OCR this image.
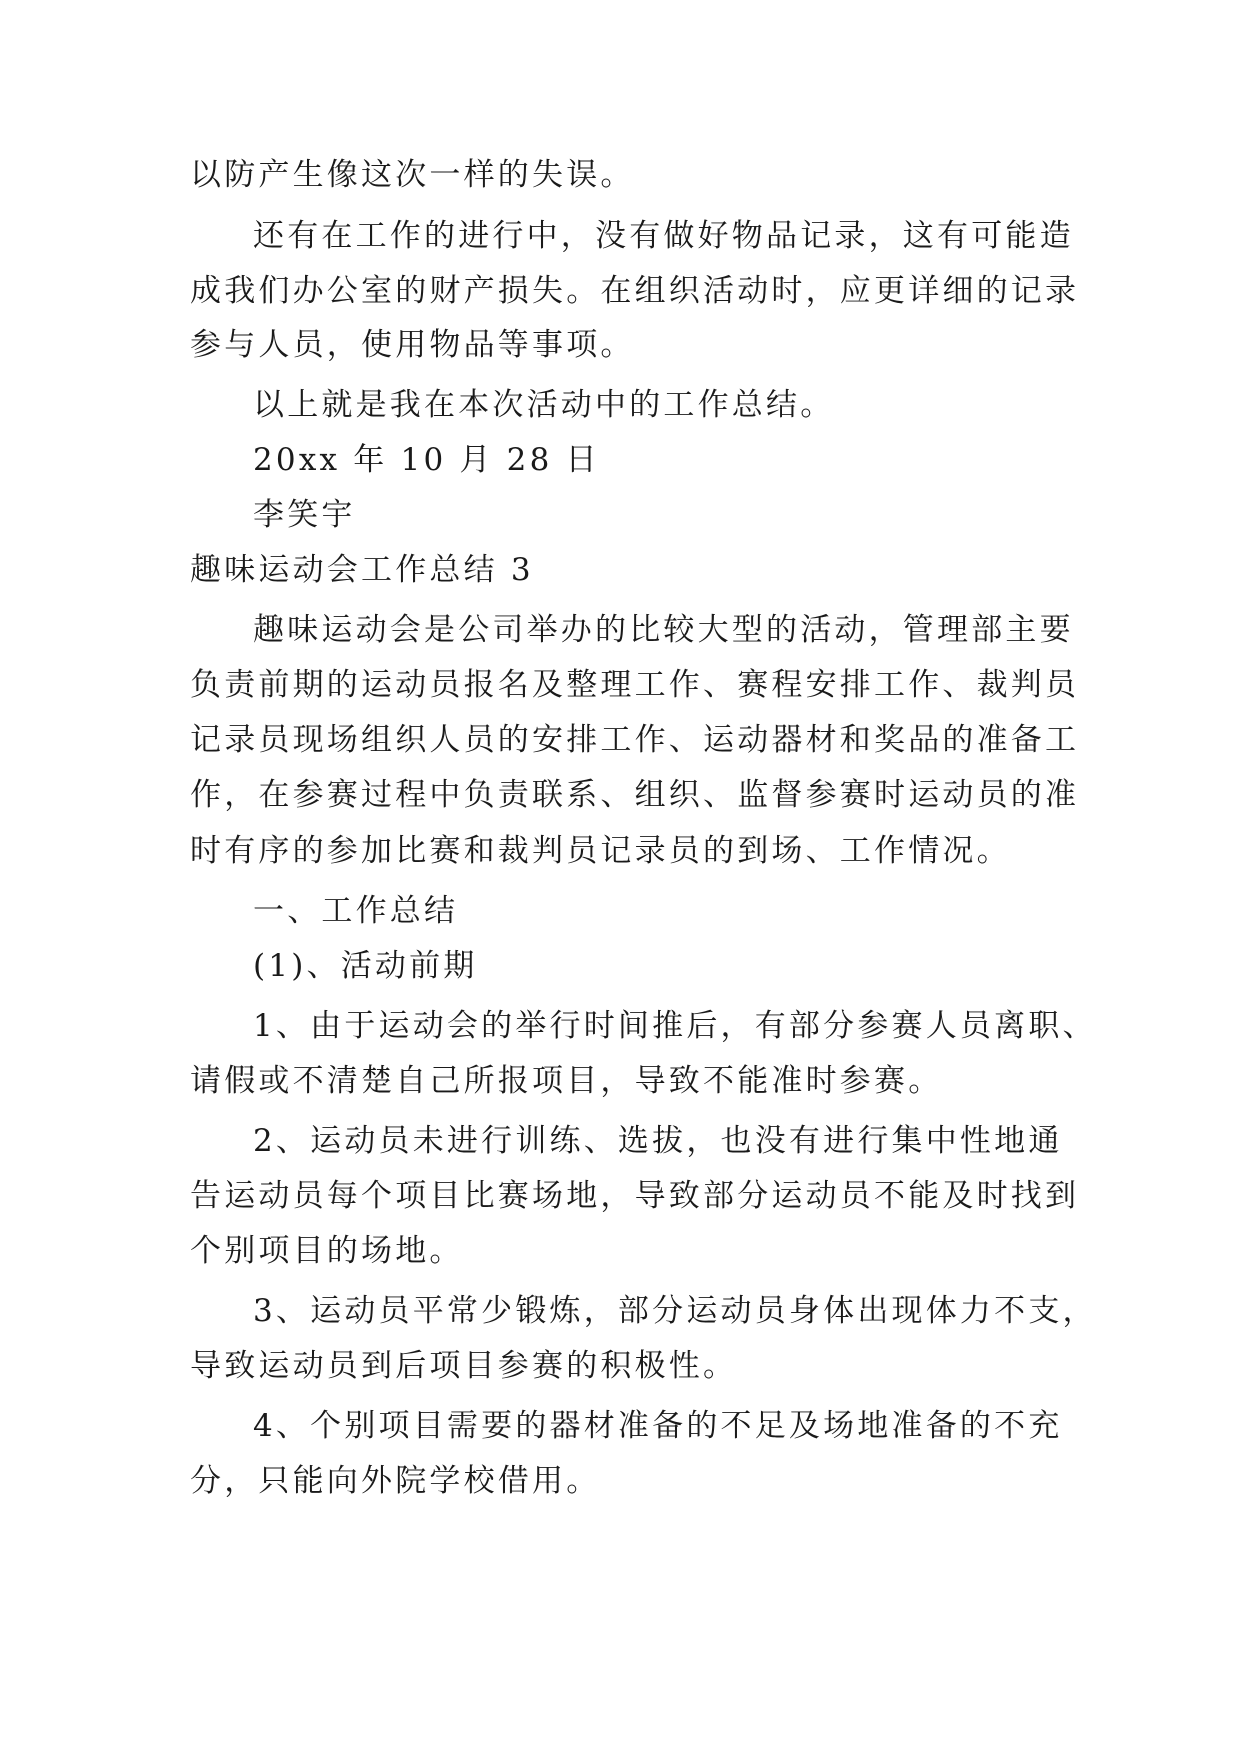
以防产生像这次一样的失误。
还有在工作的进行中，没有做好物品记录，这有可能造
成我们办公室的财产损失。在组织活动时，应更详细的记录
参与人员，使用物品等事项。
以上就是我在本次活动中的工作总结。
20xx 年 10 月 28 日
李笑宇
趣味运动会工作总结 3
趣味运动会是公司举办的比较大型的活动，管理部主要
负责前期的运动员报名及整理工作、赛程安排工作、裁判员
记录员现场组织人员的安排工作、运动器材和奖品的准备工
作，在参赛过程中负责联系、组织、监督参赛时运动员的准
时有序的参加比赛和裁判员记录员的到场、工作情况。
一、工作总结
(1)、活动前期
1、由于运动会的举行时间推后，有部分参赛人员离职、
请假或不清楚自己所报项目，导致不能准时参赛。
2、运动员未进行训练、选拔，也没有进行集中性地通
告运动员每个项目比赛场地，导致部分运动员不能及时找到
个别项目的场地。
3、运动员平常少锻炼，部分运动员身体出现体力不支，
导致运动员到后项目参赛的积极性。
4、个别项目需要的器材准备的不足及场地准备的不充
分，只能向外院学校借用。
